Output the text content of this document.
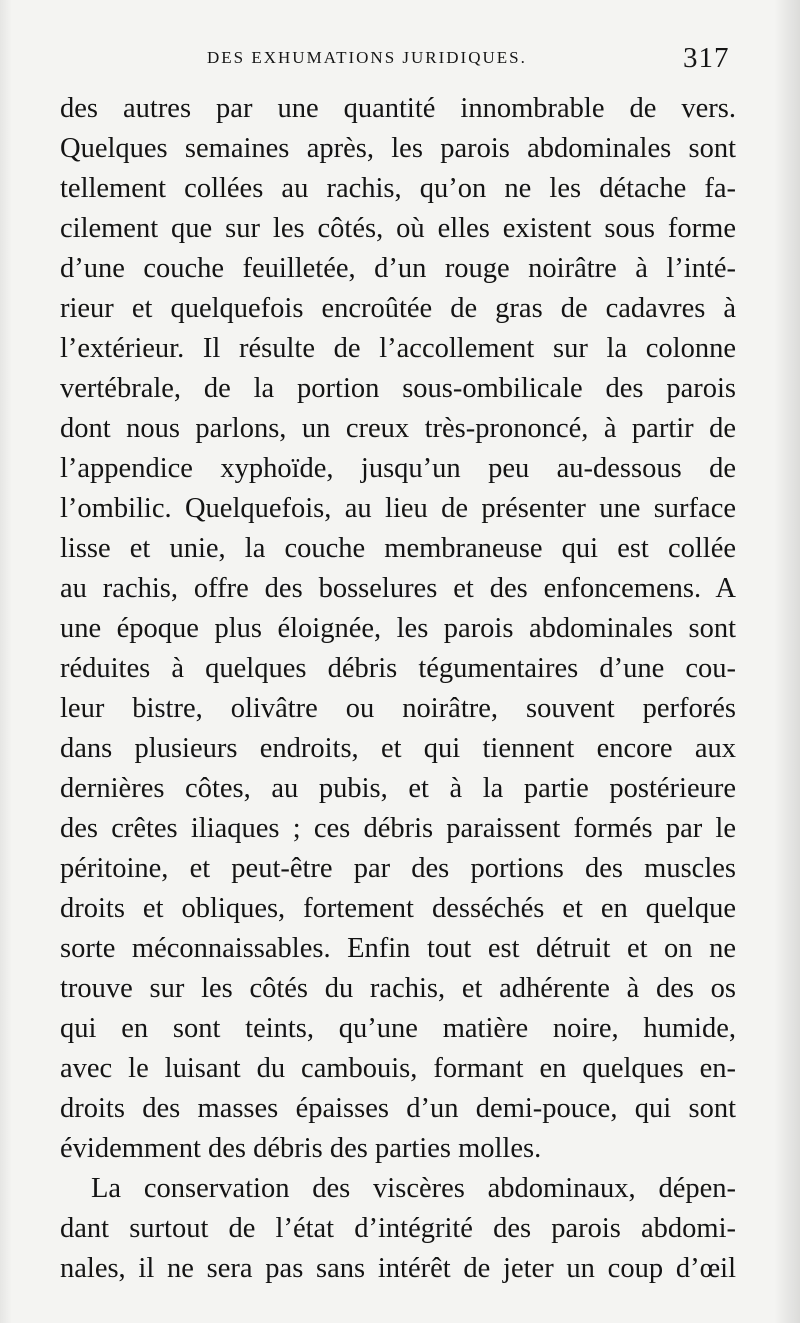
DES EXHUMATIONS JURIDIQUES.	317
des autres par une quantité innombrable de vers.
Quelques semaines après, les parois abdominales sont
tellement collées au rachis, qu’on ne les détache fa-
cilement que sur les côtés, où elles existent sous forme
d’une couche feuilletée, d’un rouge noirâtre à l’inté-
rieur et quelquefois encroûtée de gras de cadavres à
l’extérieur. Il résulte de l’accollement sur la colonne
vertébrale, de la portion sous-ombilicale des parois
dont nous parlons, un creux très-prononcé, à partir de
l’appendice xyphoïde, jusqu’un peu au-dessous de
l’ombilic. Quelquefois, au lieu de présenter une surface
lisse et unie, la couche membraneuse qui est collée
au rachis, offre des bosselures et des enfoncemens. A
une époque plus éloignée, les parois abdominales sont
réduites à quelques débris tégumentaires d’une cou-
leur bistre, olivâtre ou noirâtre, souvent perforés
dans plusieurs endroits, et qui tiennent encore aux
dernières côtes, au pubis, et à la partie postérieure
des crêtes iliaques ; ces débris paraissent formés par le
péritoine, et peut-être par des portions des muscles
droits et obliques, fortement desséchés et en quelque
sorte méconnaissables. Enfin tout est détruit et on ne
trouve sur les côtés du rachis, et adhérente à des os
qui en sont teints, qu’une matière noire, humide,
avec le luisant du cambouis, formant en quelques en-
droits des masses épaisses d’un demi-pouce, qui sont
évidemment des débris des parties molles.
La conservation des viscères abdominaux, dépen-
dant surtout de l’état d’intégrité des parois abdomi-
nales, il ne sera pas sans intérêt de jeter un coup d’œil
